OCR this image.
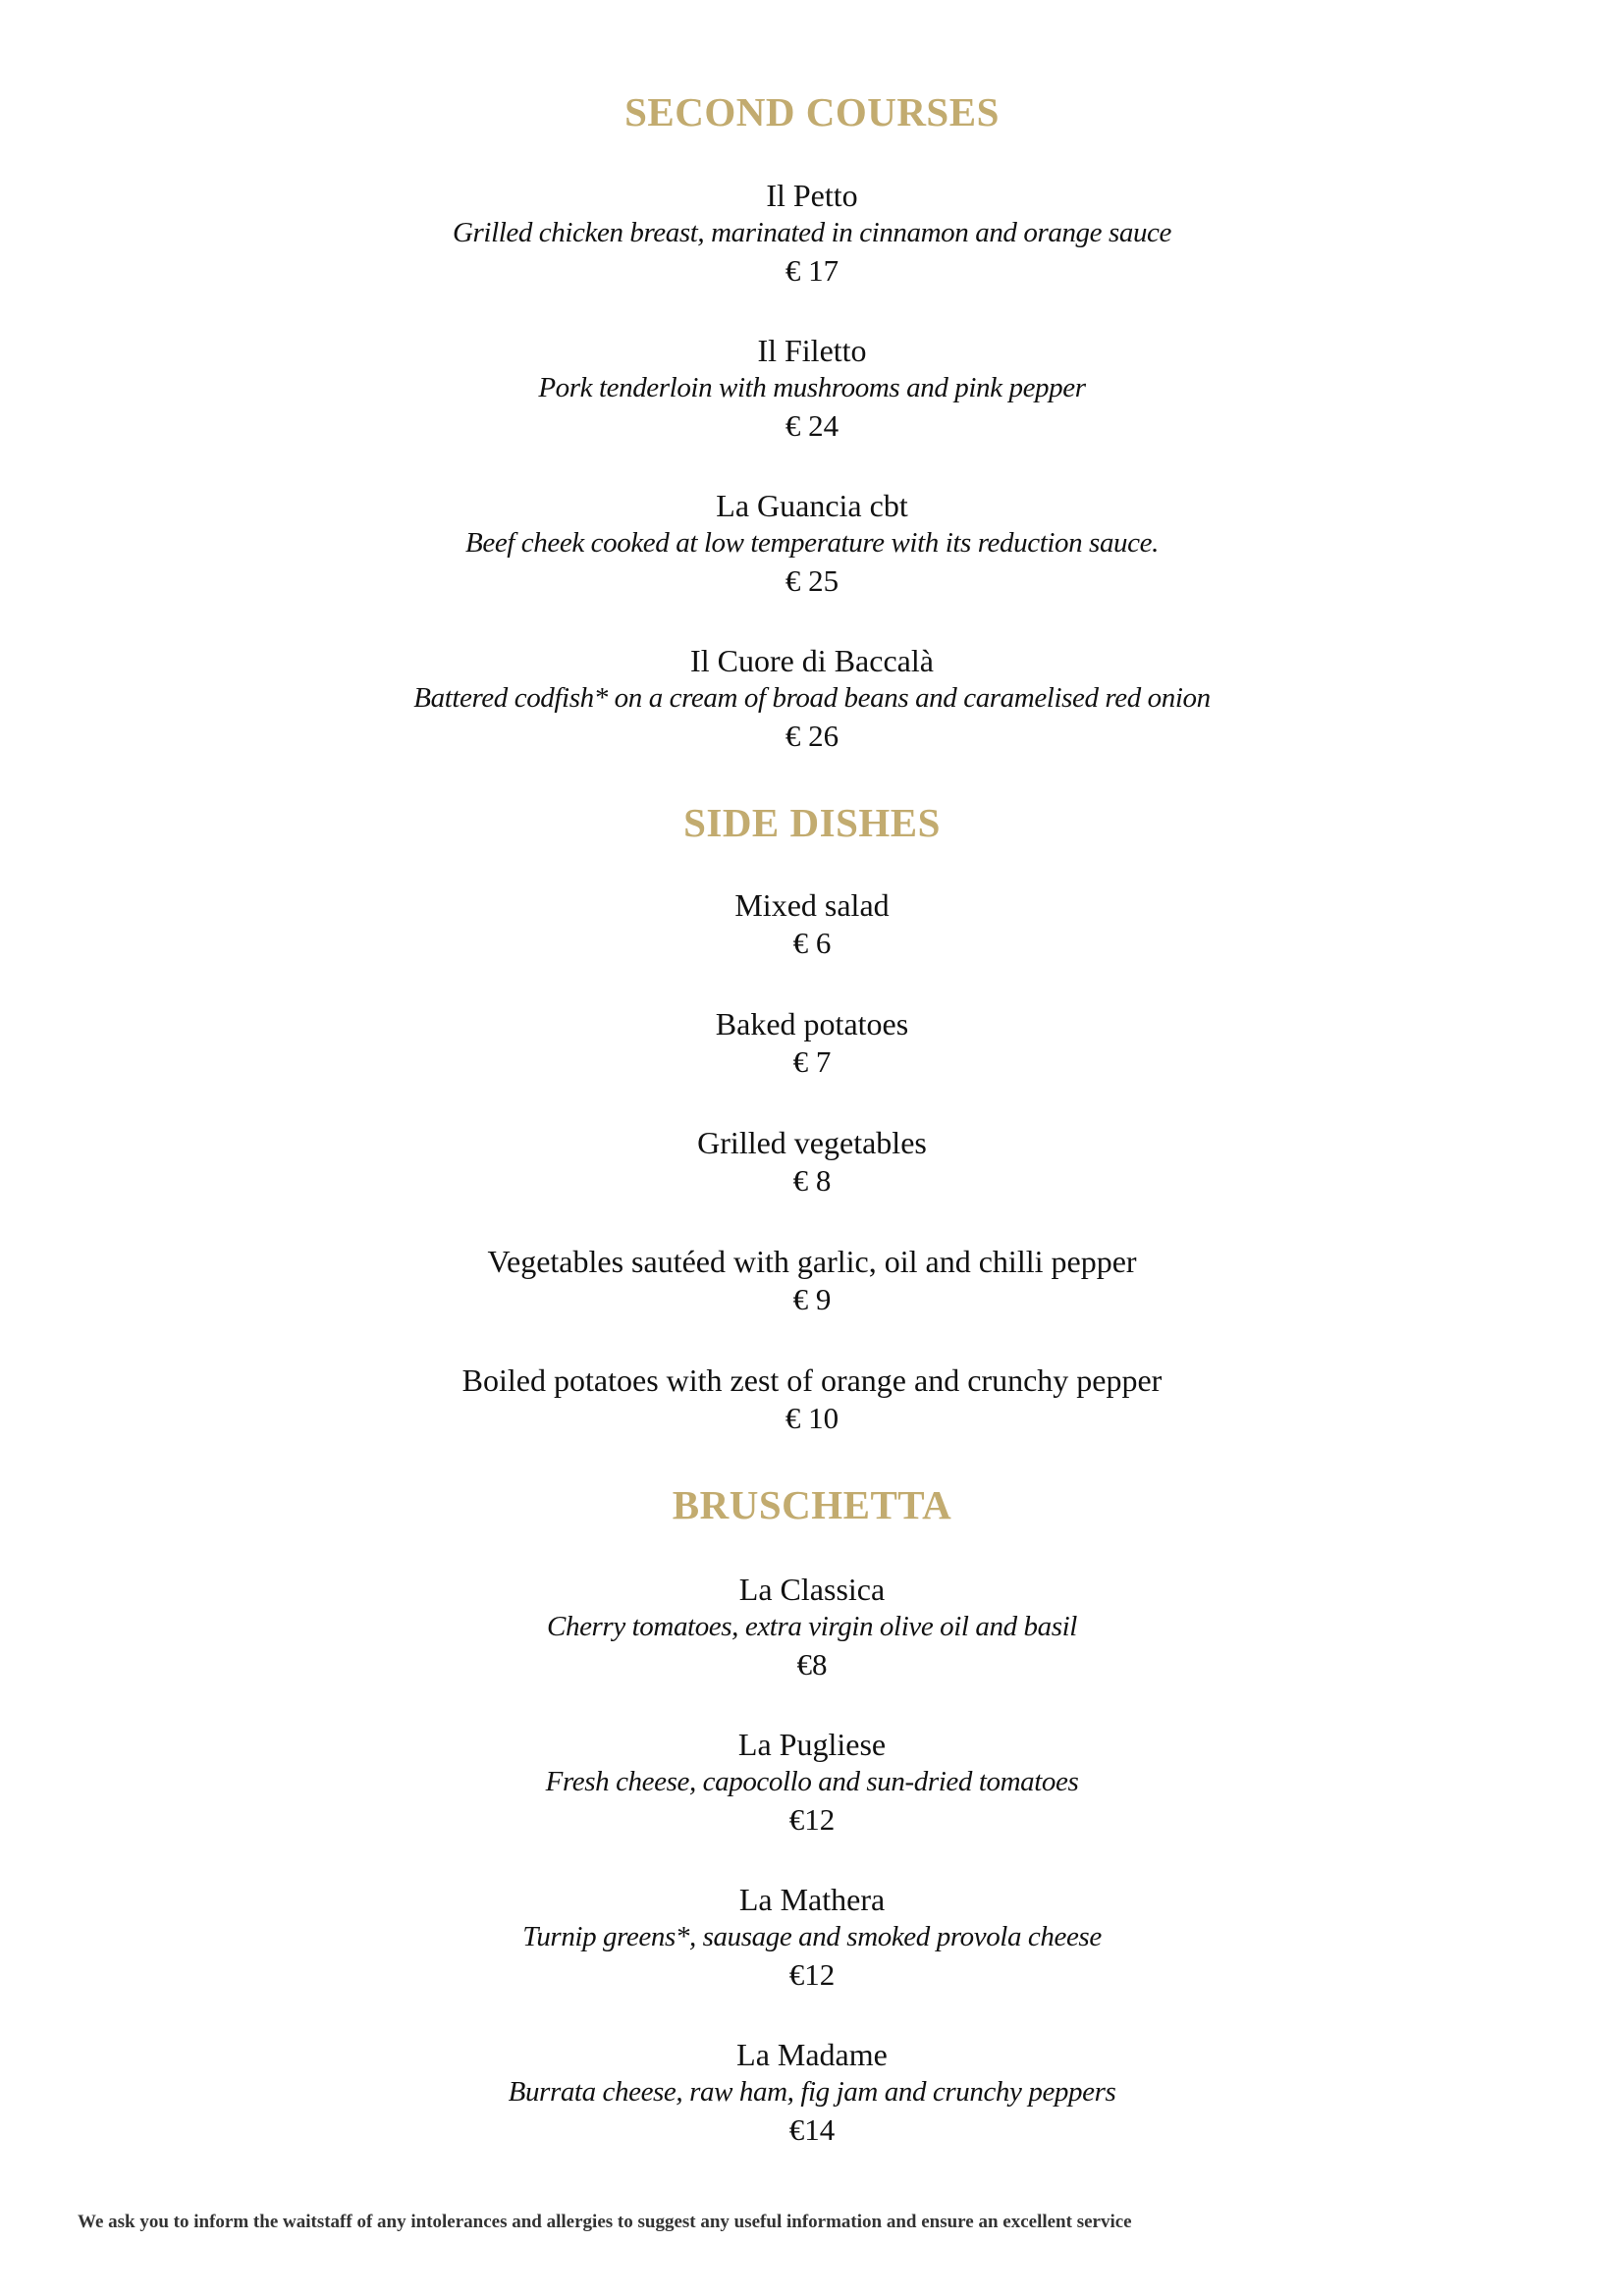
SECOND COURSES
Il Petto
Grilled chicken breast, marinated in cinnamon and orange sauce
€ 17
Il Filetto
Pork tenderloin with mushrooms and pink pepper
€ 24
La Guancia cbt
Beef cheek cooked at low temperature with its reduction sauce.
€ 25
Il Cuore di Baccalà
Battered codfish* on a cream of broad beans and caramelised red onion
€ 26
SIDE DISHES
Mixed salad
€ 6
Baked potatoes
€ 7
Grilled vegetables
€ 8
Vegetables sautéed with garlic, oil and chilli pepper
€ 9
Boiled potatoes with zest of orange and crunchy pepper
€ 10
BRUSCHETTA
La Classica
Cherry tomatoes, extra virgin olive oil and basil
€8
La Pugliese
Fresh cheese, capocollo and sun-dried tomatoes
€12
La Mathera
Turnip greens*, sausage and smoked provola cheese
€12
La Madame
Burrata cheese, raw ham, fig jam and crunchy peppers
€14
We ask you to inform the waitstaff of any intolerances and allergies to suggest any useful information and ensure an excellent service
